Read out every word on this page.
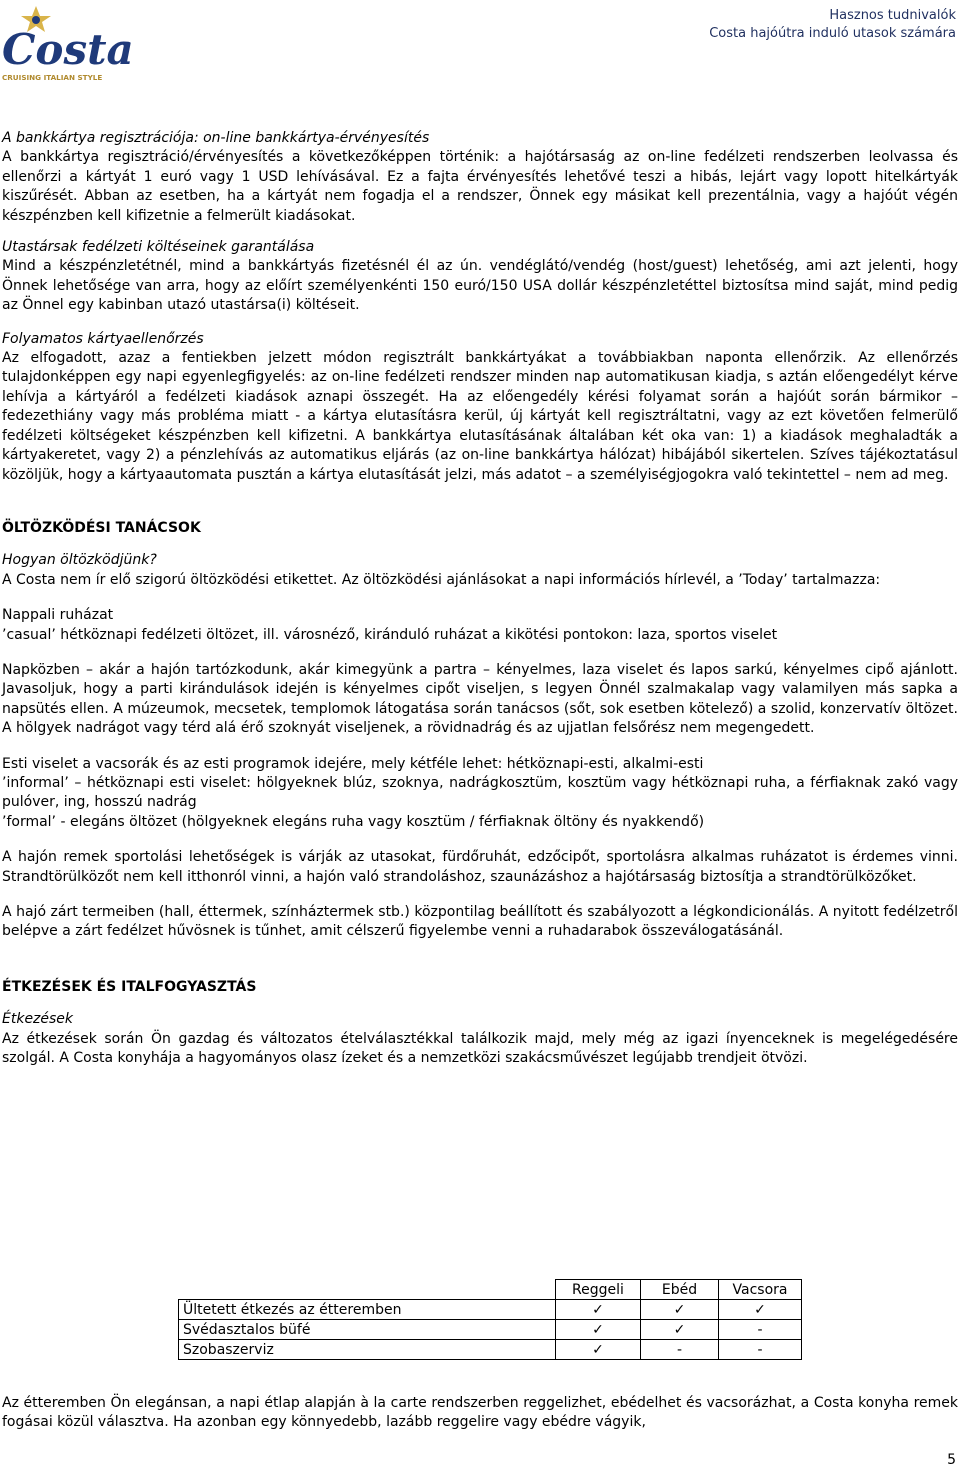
Costa
CRUISING ITALIAN STYLE
Hasznos tudnivalók
Costa hajóútra induló utasok számára

A bankkártya regisztrációja: on-line bankkártya-érvényesítés

A bankkártya regisztráció/érvényesítés a következőképpen történik: a hajótársaság az on-line fedélzeti rendszerben leolvassa és ellenőrzi a kártyát 1 euró vagy 1 USD lehívásával. Ez a fajta érvényesítés lehetővé teszi a hibás, lejárt vagy lopott hitelkártyák kiszűrését. Abban az esetben, ha a kártyát nem fogadja el a rendszer, Önnek egy másikat kell prezentálnia, vagy a hajóút végén készpénzben kell kifizetnie a felmerült kiadásokat.

Utastársak fedélzeti költéseinek garantálása

Mind a készpénzletétnél, mind a bankkártyás fizetésnél él az ún. vendéglátó/vendég (host/guest) lehetőség, ami azt jelenti, hogy Önnek lehetősége van arra, hogy az előírt személyenkénti 150 euró/150 USA dollár készpénzletéttel biztosítsa mind saját, mind pedig az Önnel egy kabinban utazó utastársa(i) költéseit.

Folyamatos kártyaellenőrzés

Az elfogadott, azaz a fentiekben jelzett módon regisztrált bankkártyákat a továbbiakban naponta ellenőrzik. Az ellenőrzés tulajdonképpen egy napi egyenlegfigyelés: az on-line fedélzeti rendszer minden nap automatikusan kiadja, s aztán előengedélyt kérve lehívja a kártyáról a fedélzeti kiadások aznapi összegét. Ha az előengedély kérési folyamat során a hajóút során bármikor – fedezethiány vagy más probléma miatt - a kártya elutasításra kerül, új kártyát kell regisztráltatni, vagy az ezt követően felmerülő fedélzeti költségeket készpénzben kell kifizetni. A bankkártya elutasításának általában két oka van: 1) a kiadások meghaladták a kártyakeretet, vagy 2) a pénzlehívás az automatikus eljárás (az on-line bankkártya hálózat) hibájából sikertelen. Szíves tájékoztatásul közöljük, hogy a kártyaautomata pusztán a kártya elutasítását jelzi, más adatot – a személyiségjogokra való tekintettel – nem ad meg.

ÖLTÖZKÖDÉSI TANÁCSOK

Hogyan öltözködjünk?

A Costa nem ír elő szigorú öltözködési etikettet. Az öltözködési ajánlásokat a napi információs hírlevél, a ’Today’ tartalmazza:

Nappali ruházat

’casual’ hétköznapi fedélzeti öltözet, ill. városnéző, kiránduló ruházat a kikötési pontokon: laza, sportos viselet

Napközben – akár a hajón tartózkodunk, akár kimegyünk a partra – kényelmes, laza viselet és lapos sarkú, kényelmes cipő ajánlott. Javasoljuk, hogy a parti kirándulások idején is kényelmes cipőt viseljen, s legyen Önnél szalmakalap vagy valamilyen más sapka a napsütés ellen. A múzeumok, mecsetek, templomok látogatása során tanácsos (sőt, sok esetben kötelező) a szolid, konzervatív öltözet. A hölgyek nadrágot vagy térd alá érő szoknyát viseljenek, a rövidnadrág és az ujjatlan felsőrész nem megengedett.

Esti viselet a vacsorák és az esti programok idejére, mely kétféle lehet: hétköznapi-esti, alkalmi-esti

’informal’ – hétköznapi esti viselet: hölgyeknek blúz, szoknya, nadrágkosztüm, kosztüm vagy hétköznapi ruha, a férfiaknak zakó vagy pulóver, ing, hosszú nadrág

’formal’ - elegáns öltözet (hölgyeknek elegáns ruha vagy kosztüm / férfiaknak öltöny és nyakkendő)

A hajón remek sportolási lehetőségek is várják az utasokat, fürdőruhát, edzőcipőt, sportolásra alkalmas ruházatot is érdemes vinni. Strandtörülközőt nem kell itthonról vinni, a hajón való strandoláshoz, szaunázáshoz a hajótársaság biztosítja a strandtörülközőket.

A hajó zárt termeiben (hall, éttermek, színháztermek stb.) központilag beállított és szabályozott a légkondicionálás. A nyitott fedélzetről belépve a zárt fedélzet hűvösnek is tűnhet, amit célszerű figyelembe venni a ruhadarabok összeválogatásánál.

ÉTKEZÉSEK ÉS ITALFOGYASZTÁS

Étkezések

Az étkezések során Ön gazdag és változatos ételválasztékkal találkozik majd, mely még az igazi ínyenceknek is megelégedésére szolgál. A Costa konyhája a hagyományos olasz ízeket és a nemzetközi szakácsművészet legújabb trendjeit ötvözi.

	Reggeli	Ebéd	Vacsora
Ültetett étkezés az étteremben	✓	✓	✓
Svédasztalos büfé	✓	✓	-
Szobaszerviz	✓	-	-

Az étteremben Ön elegánsan, a napi étlap alapján à la carte rendszerben reggelizhet, ebédelhet és vacsorázhat, a Costa konyha remek fogásai közül választva. Ha azonban egy könnyedebb, lazább reggelire vagy ebédre vágyik,

5
